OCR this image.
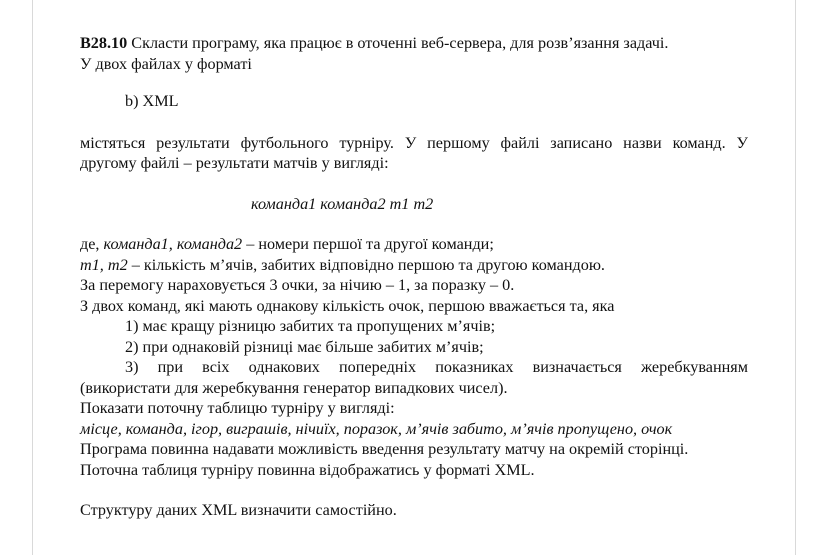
B28.10 Скласти програму, яка працює в оточенні веб-сервера, для розв’язання задачі.

У двох файлах у форматі

b) XML

містяться результати футбольного турніру. У першому файлі записано назви команд. У

другому файлі – результати матчів у вигляді:

команда1 команда2 m1 m2

де, команда1, команда2 – номери першої та другої команди;

m1, m2 – кількість м’ячів, забитих відповідно першою та другою командою.

За перемогу нараховується 3 очки, за нічию – 1, за поразку – 0.

З двох команд, які мають однакову кількість очок, першою вважається та, яка

1) має кращу різницю забитих та пропущених м’ячів;

2) при однаковій різниці має більше забитих м’ячів;

3) при всіх однакових попередніх показниках визначається жеребкуванням

(використати для жеребкування генератор випадкових чисел).

Показати поточну таблицю турніру у вигляді:

місце, команда, ігор, виграшів, нічиїх, поразок, м’ячів забито, м’ячів пропущено, очок

Програма повинна надавати можливість введення результату матчу на окремій сторінці.

Поточна таблиця турніру повинна відображатись у форматі XML.

Структуру даних XML визначити самостійно.
